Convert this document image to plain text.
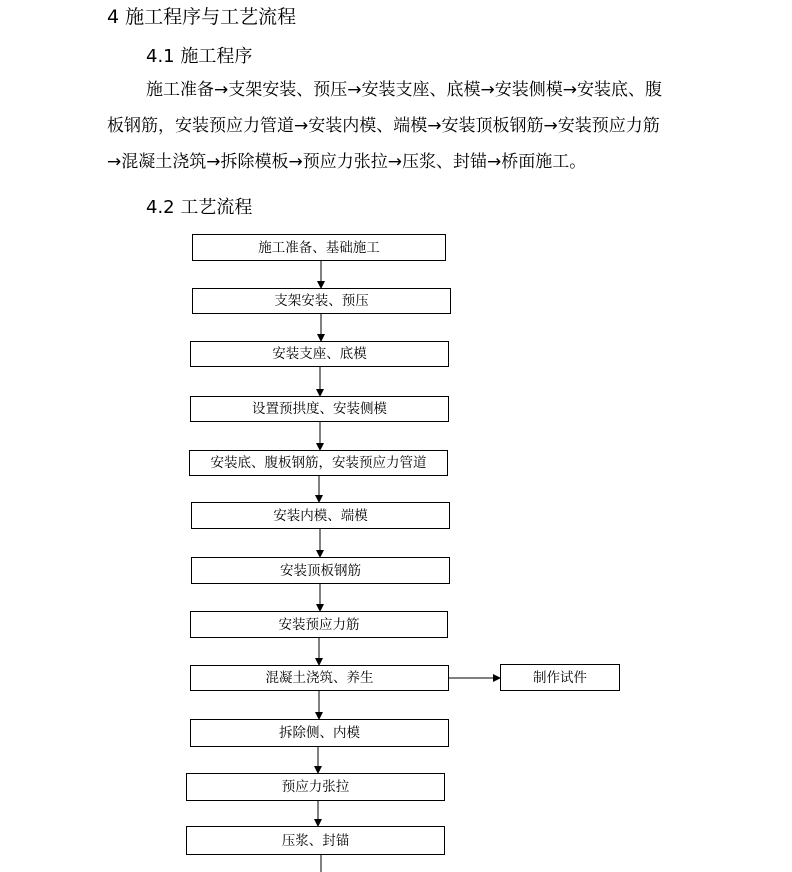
4 施工程序与工艺流程
4.1 施工程序

施工准备→支架安装、预压→安装支座、底模→安装侧模→安装底、腹

板钢筋，安装预应力管道→安装内模、端模→安装顶板钢筋→安装预应力筋

→混凝土浇筑→拆除模板→预应力张拉→压浆、封锚→桥面施工。

4.2 工艺流程
施工准备、基础施工
支架安装、预压
安装支座、底模
设置预拱度、安装侧模
安装底、腹板钢筋，安装预应力管道
安装内模、端模
安装顶板钢筋
安装预应力筋
混凝土浇筑、养生
拆除侧、内模
预应力张拉
压浆、封锚
制作试件
